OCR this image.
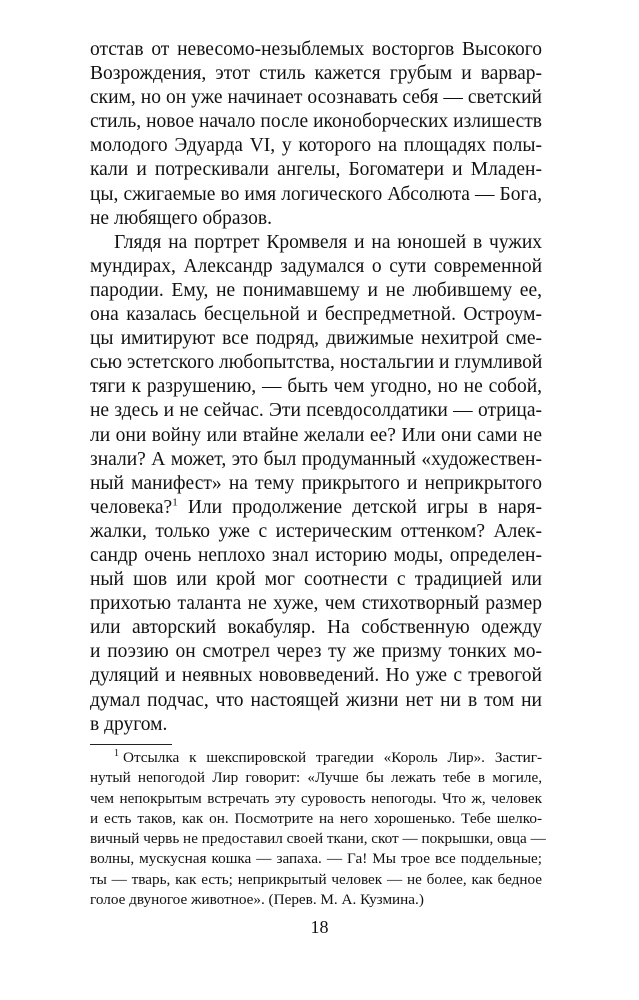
отстав от невесомо-незыблемых восторгов Высокого
Возрождения, этот стиль кажется грубым и варвар-
ским, но он уже начинает осознавать себя — светский
стиль, новое начало после иконоборческих излишеств
молодого Эдуарда VI, у которого на площадях полы-
кали и потрескивали ангелы, Богоматери и Младен-
цы, сжигаемые во имя логического Абсолюта — Бога,
не любящего образов.
Глядя на портрет Кромвеля и на юношей в чужих
мундирах, Александр задумался о сути современной
пародии. Ему, не понимавшему и не любившему ее,
она казалась бесцельной и беспредметной. Остроум-
цы имитируют все подряд, движимые нехитрой сме-
сью эстетского любопытства, ностальгии и глумливой
тяги к разрушению, — быть чем угодно, но не собой,
не здесь и не сейчас. Эти псевдосолдатики — отрица-
ли они войну или втайне желали ее? Или они сами не
знали? А может, это был продуманный «художествен-
ный манифест» на тему прикрытого и неприкрытого
человека?$^1$ Или продолжение детской игры в наря-
жалки, только уже с истерическим оттенком? Алек-
сандр очень неплохо знал историю моды, определен-
ный шов или крой мог соотнести с традицией или
прихотью таланта не хуже, чем стихотворный размер
или авторский вокабуляр. На собственную одежду
и поэзию он смотрел через ту же призму тонких мо-
дуляций и неявных нововведений. Но уже с тревогой
думал подчас, что настоящей жизни нет ни в том ни
в другом.
$^1$ Отсылка к шекспировской трагедии «Король Лир». Застиг-
нутый непогодой Лир говорит: «Лучше бы лежать тебе в могиле,
чем непокрытым встречать эту суровость непогоды. Что ж, человек
и есть таков, как он. Посмотрите на него хорошенько. Тебе шелко-
вичный червь не предоставил своей ткани, скот — покрышки, овца —
волны, мускусная кошка — запаха. — Га! Мы трое все поддельные;
ты — тварь, как есть; неприкрытый человек — не более, как бедное
голое двуногое животное». (Перев. М. А. Кузмина.)
18
